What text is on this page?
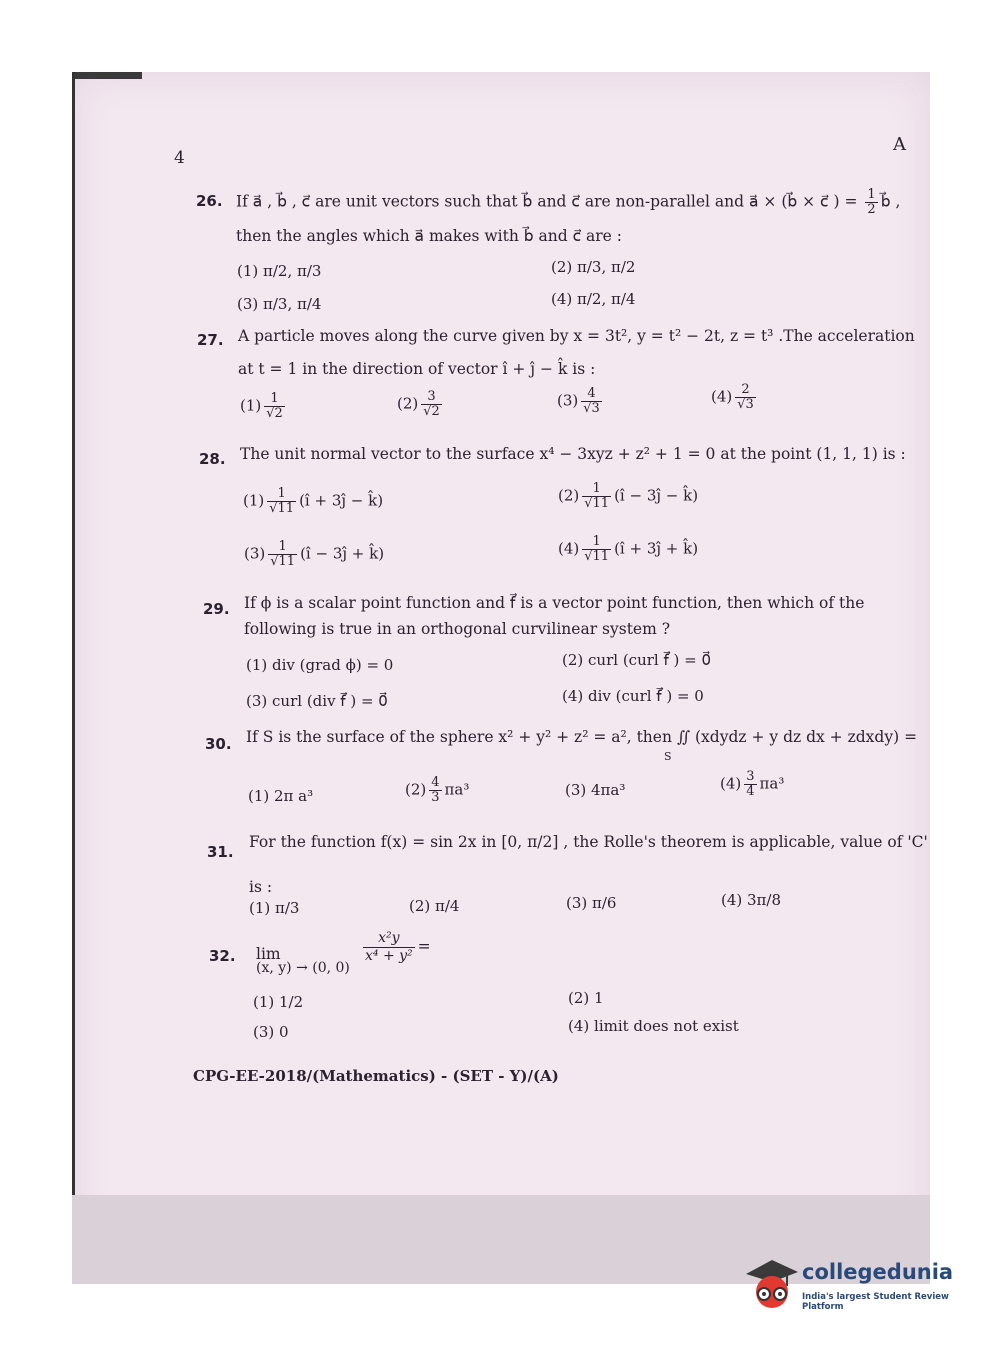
4
A
26. If a⃗ , b⃗ , c⃗ are unit vectors such that b⃗ and c⃗ are non-parallel and a⃗ × (b⃗ × c⃗ ) = $\frac{1}{2}$ b⃗ ,
then the angles which a⃗ makes with b⃗ and c⃗ are :
(1) π/2, π/3	(2) π/3, π/2
(3) π/3, π/4	(4) π/2, π/4
27. A particle moves along the curve given by x = 3t², y = t² − 2t, z = t³ .The acceleration
at t = 1 in the direction of vector î + ĵ − k̂ is :
$(1) \frac{1}{√2}$	$(2) \frac{3}{√2}$	$(3) \frac{4}{√3}$	$(4) \frac{2}{√3}$
28. The unit normal vector to the surface x⁴ − 3xyz + z² + 1 = 0 at the point (1, 1, 1) is :
$(1) \frac{1}{√11}$ (î + 3ĵ − k̂)	$(2) \frac{1}{√11}$ (î − 3ĵ − k̂)
$(3) \frac{1}{√11}$ (î − 3ĵ + k̂)	$(4) \frac{1}{√11}$ (î + 3ĵ + k̂)
29. If ϕ is a scalar point function and f⃗ is a vector point function, then which of the
following is true in an orthogonal curvilinear system ?
(1) div (grad ϕ) = 0	(2) curl (curl f⃗ ) = 0⃗
(3) curl (div f⃗ ) = 0⃗	(4) div (curl f⃗ ) = 0
30. If S is the surface of the sphere x² + y² + z² = a², then ∬ (xdydz + y dz dx + zdxdy) =
S
(1) 2π a³	$(2) \frac{4}{3} \pi a^3$	(3) 4πa³	$(4) \frac{3}{4} \pi a^3$
31.
For the function f(x) = sin 2x in [0, π/2] , the Rolle's theorem is applicable, value of 'C'
is :
(1) π/3	(2) π/4	(3) π/6	(4) 3π/8
32. lim
(x, y) → (0, 0)
$\frac{\text{x²y}}{\text{x⁴ + y²}}$ =
(1) 1/2	(2) 1
(3) 0	(4) limit does not exist
CPG-EE-2018/(Mathematics) - (SET - Y)/(A)
collegedunia
India's largest Student Review Platform
